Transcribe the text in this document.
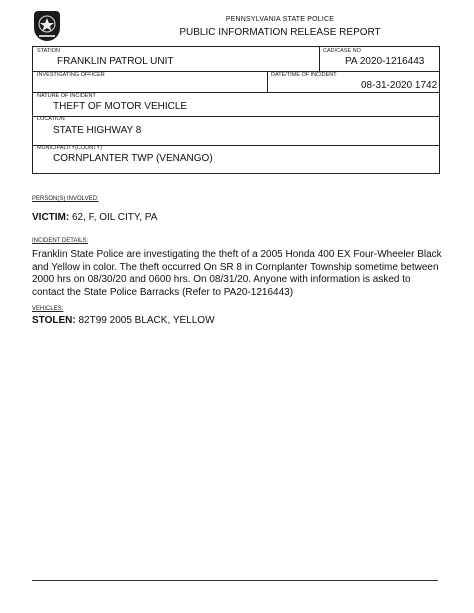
PENNSYLVANIA STATE POLICE
PUBLIC INFORMATION RELEASE REPORT
STATION
FRANKLIN PATROL UNIT
CAD/CASE NO
PA 2020-1216443
INVESTIGATING OFFICER	DATE/TIME OF INCIDENT
08-31-2020 1742
NATURE OF INCIDENT
THEFT OF MOTOR VEHICLE
LOCATION
STATE HIGHWAY 8
MUNICIPALITY(COUNTY)
CORNPLANTER TWP (VENANGO)
PERSON(S) INVOLVED:
VICTIM: 62, F, OIL CITY, PA
INCIDENT DETAILS:
Franklin State Police are investigating the theft of a 2005 Honda 400 EX Four-Wheeler Black and Yellow in color. The theft occurred On SR 8 in Cornplanter Township sometime between 2000 hrs on 08/30/20 and 0600 hrs. On 08/31/20. Anyone with information is asked to contact the State Police Barracks (Refer to PA20-1216443)
VEHICLES:
STOLEN: 82T99 2005 BLACK, YELLOW
